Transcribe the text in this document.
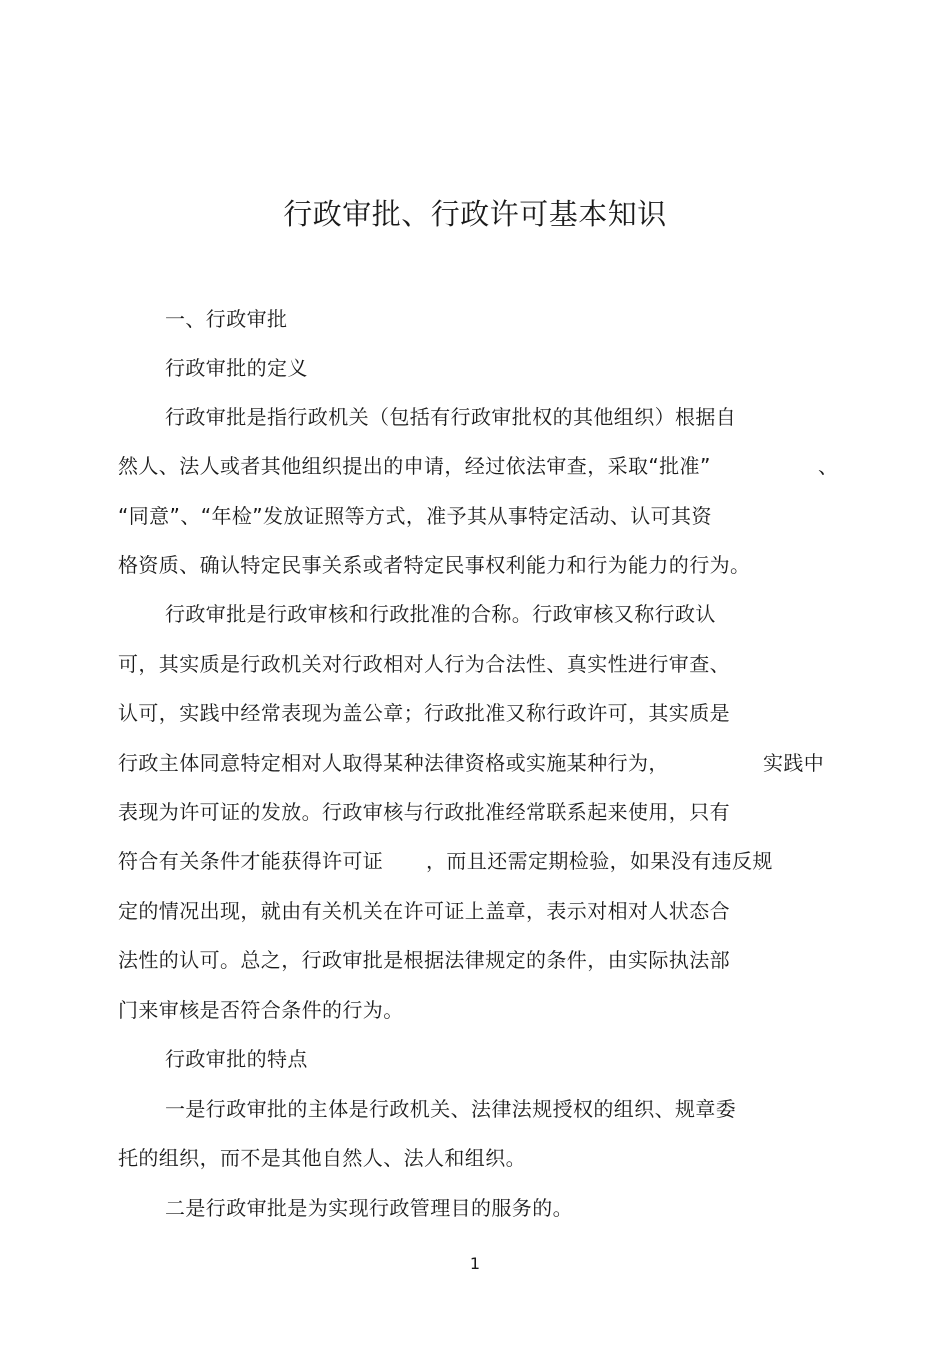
行政审批、行政许可基本知识
一、行政审批
行政审批的定义
行政审批是指行政机关（包括有行政审批权的其他组织）根据自
然人、法人或者其他组织提出的申请，经过依法审查，采取“批准”	、
“同意”、“年检”发放证照等方式，准予其从事特定活动、认可其资
格资质、确认特定民事关系或者特定民事权利能力和行为能力的行为。
行政审批是行政审核和行政批准的合称。行政审核又称行政认
可，其实质是行政机关对行政相对人行为合法性、真实性进行审查、
认可，实践中经常表现为盖公章；行政批准又称行政许可，其实质是
行政主体同意特定相对人取得某种法律资格或实施某种行为，	实践中
表现为许可证的发放。行政审核与行政批准经常联系起来使用，只有
符合有关条件才能获得许可证 ，而且还需定期检验，如果没有违反规
定的情况出现，就由有关机关在许可证上盖章，表示对相对人状态合
法性的认可。总之，行政审批是根据法律规定的条件，由实际执法部
门来审核是否符合条件的行为。
行政审批的特点
一是行政审批的主体是行政机关、法律法规授权的组织、规章委
托的组织，而不是其他自然人、法人和组织。
二是行政审批是为实现行政管理目的服务的。
1
